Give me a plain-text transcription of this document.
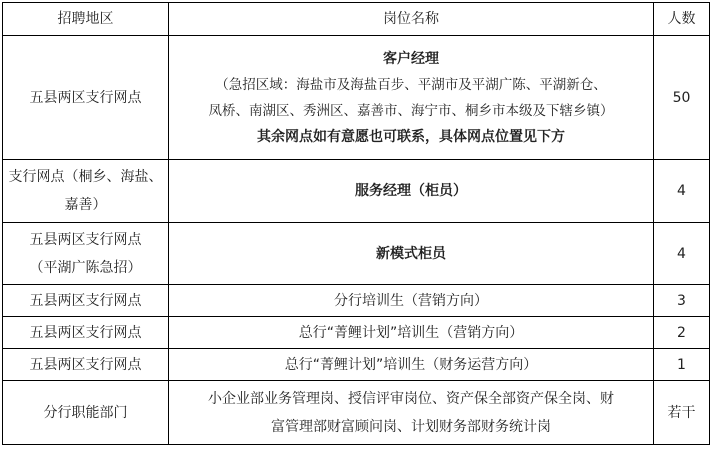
招聘地区	岗位名称	人数
五县两区支行网点	客户经理
（急招区域：海盐市及海盐百步、平湖市及平湖广陈、平湖新仓、
凤桥、南湖区、秀洲区、嘉善市、海宁市、桐乡市本级及下辖乡镇）
其余网点如有意愿也可联系，具体网点位置见下方	50

支行网点（桐乡、海盐、
嘉善）	服务经理（柜员）	4

五县两区支行网点
（平湖广陈急招）	新模式柜员	4
五县两区支行网点	分行培训生（营销方向）	3
五县两区支行网点	总行“菁鲤计划”培训生（营销方向）	2
五县两区支行网点	总行“菁鲤计划”培训生（财务运营方向）	1
分行职能部门	小企业部业务管理岗、授信评审岗位、资产保全部资产保全岗、财
富管理部财富顾问岗、计划财务部财务统计岗	若干
